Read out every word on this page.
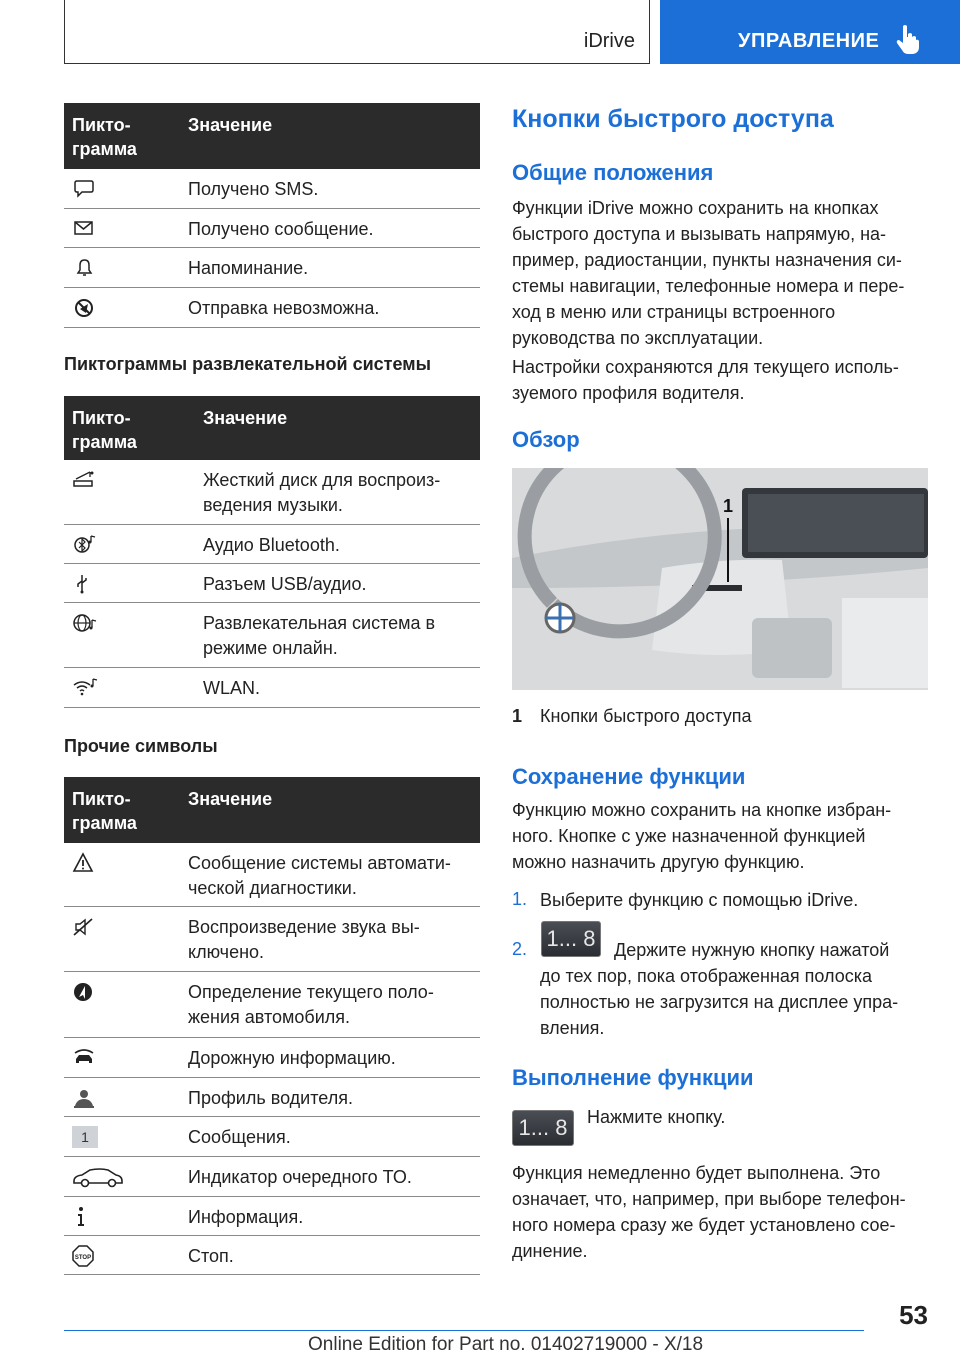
iDrive	УПРАВЛЕНИЕ
Пикто-
грамма
Значение
Получено SMS.
Получено сообщение.
Напоминание.
Отправка невозможна.
Пиктограммы развлекательной системы
Пикто-
грамма
Значение
Жесткий диск для воспроиз-
ведения музыки.
Аудио Bluetooth.
Разъем USB/аудио.
Развлекательная система в
режиме онлайн.
WLAN.
Прочие символы
Пикто-
грамма
Значение
Сообщение системы автомати-
ческой диагностики.
Воспроизведение звука вы-
ключено.
Определение текущего поло-
жения автомобиля.
Дорожную информацию.
Профиль водителя.
1	Сообщения.
Индикатор очередного ТО.
Информация.
STOP	Стоп.
Кнопки быстрого доступа
Общие положения
Функции iDrive можно сохранить на кнопках
быстрого доступа и вызывать напрямую, на-
пример, радиостанции, пункты назначения си-
стемы навигации, телефонные номера и пере-
ход в меню или страницы встроенного
руководства по эксплуатации.
Настройки сохраняются для текущего исполь-
зуемого профиля водителя.
Обзор
1
1 Кнопки быстрого доступа
Сохранение функции
Функцию можно сохранить на кнопке избран-
ного. Кнопке с уже назначенной функцией
можно назначить другую функцию.
1. Выберите функцию с помощью iDrive.
2. 1... 8	Держите нужную кнопку нажатой
до тех пор, пока отображенная полоска
полностью не загрузится на дисплее упра-
вления.
Выполнение функции
1... 8	Нажмите кнопку.
Функция немедленно будет выполнена. Это
означает, что, например, при выборе телефон-
ного номера сразу же будет установлено сое-
динение.
53
Online Edition for Part no. 01402719000 - X/18
